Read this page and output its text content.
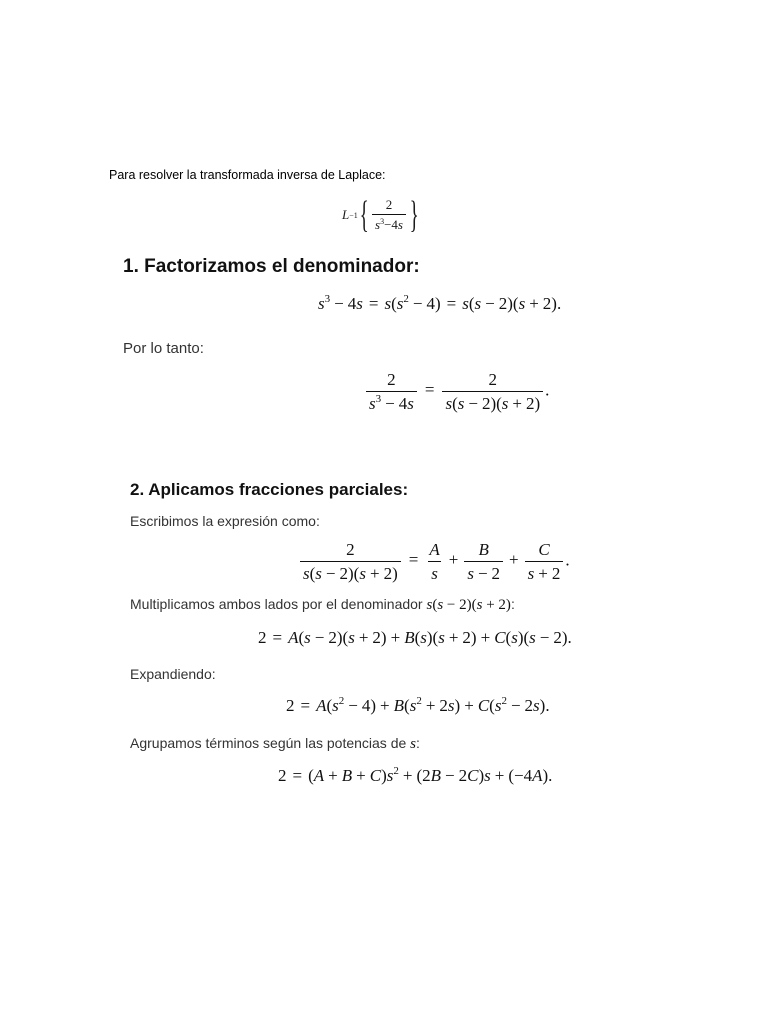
Para resolver la transformada inversa de Laplace:
L −1 { $\frac{2}{s^3-4s}$ }
1. Factorizamos el denominador:
$s^3 - 4s = s(s^2 - 4) = s(s - 2)(s + 2)$.
Por lo tanto:
$\frac{2}{s^3 - 4s} = \frac{2}{s(s - 2)(s + 2)}$ .
2. Aplicamos fracciones parciales:
Escribimos la expresión como:
$\frac{2}{s(s - 2)(s + 2)} = \frac{A}{s} + \frac{B}{s - 2} + \frac{C}{s + 2}$ .
Multiplicamos ambos lados por el denominador s(s − 2)(s + 2):
2 = A(s − 2)(s + 2) + B(s)(s + 2) + C(s)(s − 2).
Expandiendo:
$2 = A(s^2 - 4) + B(s^2 + 2s) + C(s^2 - 2s)$.
Agrupamos términos según las potencias de s:
$2 = (A + B + C)s^2 + (2B - 2C)s + (-4A)$.
